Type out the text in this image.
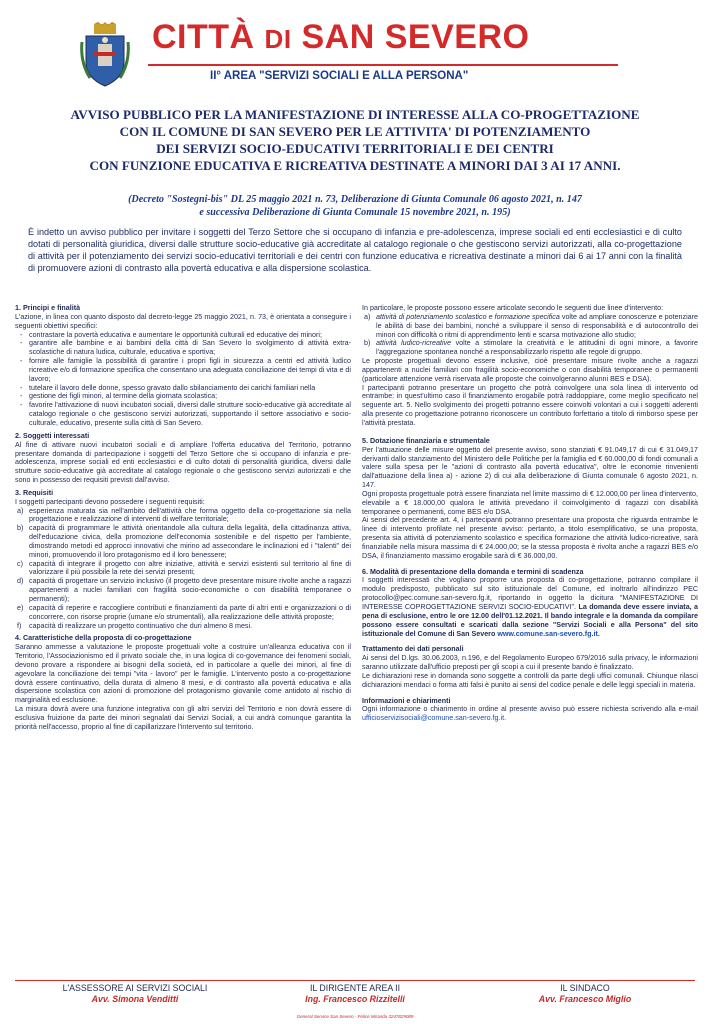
CITTÀ DI SAN SEVERO
II° AREA "SERVIZI SOCIALI E ALLA PERSONA"
AVVISO PUBBLICO PER LA MANIFESTAZIONE DI INTERESSE ALLA CO-PROGETTAZIONE
CON IL COMUNE DI SAN SEVERO PER LE ATTIVITA' DI POTENZIAMENTO
DEI SERVIZI SOCIO-EDUCATIVI TERRITORIALI E DEI CENTRI
CON FUNZIONE EDUCATIVA E RICREATIVA DESTINATE A MINORI DAI 3 AI 17 ANNI.
(Decreto "Sostegni-bis" DL 25 maggio 2021 n. 73, Deliberazione di Giunta Comunale 06 agosto 2021, n. 147
e successiva Deliberazione di Giunta Comunale 15 novembre 2021, n. 195)
È indetto un avviso pubblico per invitare i soggetti del Terzo Settore che si occupano di infanzia e pre-adolescenza, imprese sociali ed enti ecclesiastici e di culto dotati di personalità giuridica, diversi dalle strutture socio-educative già accreditate al catalogo regionale o che gestiscono servizi autorizzati, alla co-progettazione di attività per il potenziamento dei servizi socio-educativi territoriali e dei centri con funzione educativa e ricreativa destinate a minori dai 6 ai 17 anni con la finalità di promuovere azioni di contrasto alla povertà educativa e alla dispersione scolastica.
1. Principi e finalità
L'azione, in linea con quanto disposto dal decreto-legge 25 maggio 2021, n. 73, è orientata a conseguire i seguenti obiettivi specifici:
- contrastare la povertà educativa e aumentare le opportunità culturali ed educative dei minori;
- garantire alle bambine e ai bambini della città di San Severo lo svolgimento di attività extra-scolastiche di natura ludica, culturale, educativa e sportiva;
- fornire alle famiglie la possibilità di garantire i propri figli in sicurezza a centri ed attività ludico ricreative e/o di formazione specifica che consentano una adeguata conciliazione dei tempi di vita e di lavoro;
- tutelare il lavoro delle donne, spesso gravato dallo sbilanciamento dei carichi familiari nella
- gestione dei figli minori, al termine della giornata scolastica;
- favorire l'attivazione di nuovi incubatori sociali, diversi dalle strutture socio-educative già accreditate al catalogo regionale o che gestiscono servizi autorizzati, supportando il settore associativo e socio-culturale, educativo, presente sulla città di San Severo.
2. Soggetti interessati
Al fine di attivare nuovi incubatori sociali e di ampliare l'offerta educativa del Territorio, potranno presentare domanda di partecipazione i soggetti del Terzo Settore che si occupano di infanzia e pre-adolescenza, imprese sociali ed enti ecclesiastici e di culto dotati di personalità giuridica, diversi dalle strutture socio-educative già accreditate al catalogo regionale o che gestiscono servizi autorizzati e che sono in possesso dei requisiti previsti dall'avviso.
3. Requisiti
I soggetti partecipanti devono possedere i seguenti requisiti:
a) esperienza maturata sia nell'ambito dell'attività che forma oggetto della co-progettazione sia nella progettazione e realizzazione di interventi di welfare territoriale;
b) capacità di programmare le attività orientandole alla cultura della legalità, della cittadinanza attiva, dell'educazione civica, della promozione dell'economia sostenibile e del rispetto per l'ambiente, dimostrando metodi ed approcci innovativi che mirino ad assecondare le inclinazioni ed i "talenti" dei minori, promuovendo il loro protagonismo ed il loro benessere;
c) capacità di integrare il progetto con altre iniziative, attività e servizi esistenti sul territorio al fine di valorizzare il più possibile la rete dei servizi presenti;
d) capacità di progettare un servizio inclusivo (il progetto deve presentare misure rivolte anche a ragazzi appartenenti a nuclei familiari con fragilità socio-economiche o con disabilità temporanee o permanenti);
e) capacità di reperire e raccogliere contributi e finanziamenti da parte di altri enti e organizzazioni o di concorrere, con risorse proprie (umane e/o strumentali), alla realizzazione delle attività proposte;
f) capacità di realizzare un progetto continuativo che duri almeno 8 mesi.
4. Caratteristiche della proposta di co-progettazione
Saranno ammesse a valutazione le proposte progettuali volte a costruire un'alleanza educativa con il Territorio, l'Associazionismo ed il privato sociale che, in una logica di co-governance dei fenomeni sociali, devono provare a rispondere ai bisogni della società, ed in particolare a quelle dei minori, al fine di agevolare la conciliazione dei tempi "vita - lavoro" per le famiglie. L'intervento posto a co-progettazione dovrà essere continuativo, della durata di almeno 8 mesi, e di contrasto alla povertà educativa e alla dispersione scolastica con azioni di promozione del protagonismo giovanile come antidoto al rischio di marginalità ed esclusione.
La misura dovrà avere una funzione integrativa con gli altri servizi del Territorio e non dovrà essere di esclusiva fruizione da parte dei minori segnalati dai Servizi Sociali, a cui andrà comunque garantita la priorità nell'accesso, proprio al fine di capillarizzare l'intervento sul territorio.
In particolare, le proposte possono essere articolate secondo le seguenti due linee d'intervento:
a) attività di potenziamento scolastico e formazione specifica volte ad ampliare conoscenze e potenziare le abilità di base dei bambini, nonché a sviluppare il senso di responsabilità e di autocontrollo dei minori con difficoltà o ritmi di apprendimento lenti e scarsa motivazione allo studio;
b) attività ludico-ricreative volte a stimolare la creatività e le attitudini di ogni minore, a favorire l'aggregazione spontanea nonché a responsabilizzarlo rispetto alle regole di gruppo.
Le proposte progettuali devono essere inclusive, cioè presentare misure rivolte anche a ragazzi appartenenti a nuclei familiari con fragilità socio-economiche o con disabilità temporanee o permanenti (particolare attenzione verrà riservata alle proposte che coinvolgeranno alunni BES e DSA).
I partecipanti potranno presentare un progetto che potrà coinvolgere una sola linea di intervento od entrambe: in quest'ultimo caso il finanziamento erogabile potrà raddoppiare, come meglio specificato nel seguente art. 5. Nello svolgimento dei progetti potranno essere coinvolti volontari a cui i soggetti aderenti alla presente co progettazione potranno riconoscere un contributo forfettario a titolo di rimborso spese per l'attività prestata.
5. Dotazione finanziaria e strumentale
Per l'attuazione delle misure oggetto del presente avviso, sono stanziati € 91.049,17 di cui € 31.049,17 derivanti dallo stanziamento del Ministero delle Politiche per la famiglia ed € 60.000,00 di fondi comunali a valere sulla spesa per le "azioni di contrasto alla povertà educativa", oltre le economie rinvenienti dall'attuazione della linea a) - azione 2) di cui alla deliberazione di Giunta comunale 6 agosto 2021, n. 147.
Ogni proposta progettuale potrà essere finanziata nel limite massimo di € 12.000,00 per linea d'intervento, elevabile a € 18.000,00 qualora le attività prevedano il coinvolgimento di ragazzi con disabilità temporanee o permanenti, come BES e/o DSA.
Ai sensi del precedente art. 4, i partecipanti potranno presentare una proposta che riguarda entrambe le linee di intervento profilate nel presente avviso: pertanto, a titolo esemplificativo, se una proposta, presenta sia attività di potenziamento scolastico e specifica formazione che attività ludico-ricreative, sarà finanziabile nella misura massima di € 24.000,00; se la stessa proposta è rivolta anche a ragazzi BES e/o DSA, il finanziamento massimo erogabile sarà di € 36.000,00.
6. Modalità di presentazione della domanda e termini di scadenza
I soggetti interessati che vogliano proporre una proposta di co-progettazione, potranno compilare il modulo predisposto, pubblicato sul sito istituzionale del Comune, ed inoltrarlo all'indirizzo PEC protocollo@pec.comune.san-severo.fg.it, riportando in oggetto la dicitura "MANIFESTAZIONE DI INTERESSE COPROGETTAZIONE SERVIZI SOCIO-EDUCATIVI". La domanda deve essere inviata, a pena di esclusione, entro le ore 12.00 dell'01.12.2021. Il bando integrale e la domanda da compilare possono essere consultati e scaricati dalla sezione "Servizi Sociali e alla Persona" del sito istituzionale del Comune di San Severo www.comune.san-severo.fg.it.
Trattamento dei dati personali
Ai sensi del D.lgs. 30.06.2003, n.196, e del Regolamento Europeo 679/2016 sulla privacy, le informazioni saranno utilizzate dall'ufficio preposti per gli scopi a cui il presente bando è finalizzato.
Le dichiarazioni rese in domanda sono soggette a controlli da parte degli uffici comunali. Chiunque rilasci dichiarazioni mendaci o forma atti falsi è punito ai sensi del codice penale e delle leggi speciali in materia.
Informazioni e chiarimenti
Ogni informazione o chiarimento in ordine al presente avviso può essere richiesta scrivendo alla e-mail ufficioservizisociali@comune.san-severo.fg.it.
L'ASSESSORE AI SERVIZI SOCIALI
Avv. Simona Venditti
IL DIRIGENTE AREA II
Ing. Francesco Rizzitelli
IL SINDACO
Avv. Francesco Miglio
General Service San Severo - Felice Miranda 3247829089
